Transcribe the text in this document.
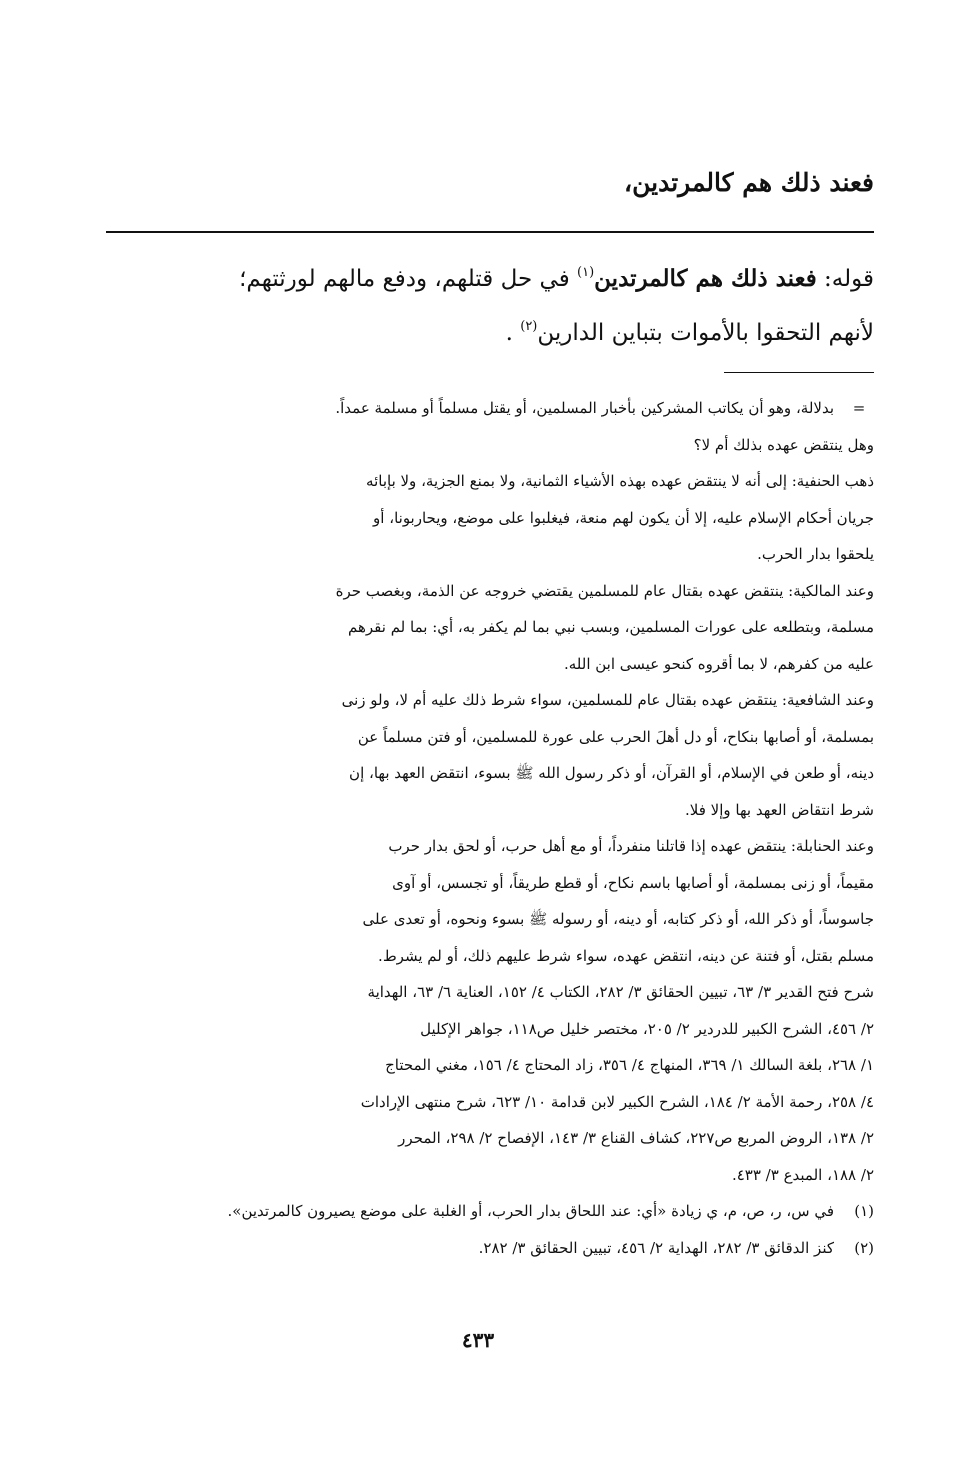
فعند ذلك هم كالمرتدين،
قوله: فعند ذلك هم كالمرتدين$^{(١)}$ في حل قتلهم، ودفع مالهم لورثتهم؛
لأنهم التحقوا بالأموات بتباين الدارين$^{(٢)}$ .
=
بدلالة، وهو أن يكاتب المشركين بأخبار المسلمين، أو يقتل مسلماً أو مسلمة عمداً.
وهل ينتقض عهده بذلك أم لا؟
ذهب الحنفية: إلى أنه لا ينتقض عهده بهذه الأشياء الثمانية، ولا بمنع الجزية، ولا بإبائه
جريان أحكام الإسلام عليه، إلا أن يكون لهم منعة، فيغلبوا على موضع، ويحاربونا، أو
يلحقوا بدار الحرب.
وعند المالكية: ينتقض عهده بقتال عام للمسلمين يقتضي خروجه عن الذمة، وبغصب حرة
مسلمة، وبتطلعه على عورات المسلمين، وبسب نبي بما لم يكفر به، أي: بما لم نقرهم
عليه من كفرهم، لا بما أقروه كنحو عيسى ابن الله.
وعند الشافعية: ينتقض عهده بقتال عام للمسلمين، سواء شرط ذلك عليه أم لا، ولو زنى
بمسلمة، أو أصابها بنكاح، أو دل أهلَ الحرب على عورة للمسلمين، أو فتن مسلماً عن
دينه، أو طعن في الإسلام، أو القرآن، أو ذكر رسول الله ﷺ بسوء، انتقض العهد بها، إن
شرط انتقاض العهد بها وإلا فلا.
وعند الحنابلة: ينتقض عهده إذا قاتلنا منفرداً، أو مع أهل حرب، أو لحق بدار حرب
مقيماً، أو زنى بمسلمة، أو أصابها باسم نكاح، أو قطع طريقاً، أو تجسس، أو آوى
جاسوساً، أو ذكر الله، أو ذكر كتابه، أو دينه، أو رسوله ﷺ بسوء ونحوه، أو تعدى على
مسلم بقتل، أو فتنة عن دينه، انتقض عهده، سواء شرط عليهم ذلك، أو لم يشرط.
شرح فتح القدير ٣/ ٦٣، تبيين الحقائق ٣/ ٢٨٢، الكتاب ٤/ ١٥٢، العناية ٦/ ٦٣، الهداية
٢/ ٤٥٦، الشرح الكبير للدردير ٢/ ٢٠٥، مختصر خليل ص١١٨، جواهر الإكليل
١/ ٢٦٨، بلغة السالك ١/ ٣٦٩، المنهاج ٤/ ٣٥٦، زاد المحتاج ٤/ ١٥٦، مغني المحتاج
٤/ ٢٥٨، رحمة الأمة ٢/ ١٨٤، الشرح الكبير لابن قدامة ١٠/ ٦٢٣، شرح منتهى الإرادات
٢/ ١٣٨، الروض المربع ص٢٢٧، كشاف القناع ٣/ ١٤٣، الإفصاح ٢/ ٢٩٨، المحرر
٢/ ١٨٨، المبدع ٣/ ٤٣٣.
(١)
في س، ر، ص، م، ي زيادة «أي: عند اللحاق بدار الحرب، أو الغلبة على موضع يصيرون كالمرتدين».
(٢)
كنز الدقائق ٣/ ٢٨٢، الهداية ٢/ ٤٥٦، تبيين الحقائق ٣/ ٢٨٢.
٤٣٣
